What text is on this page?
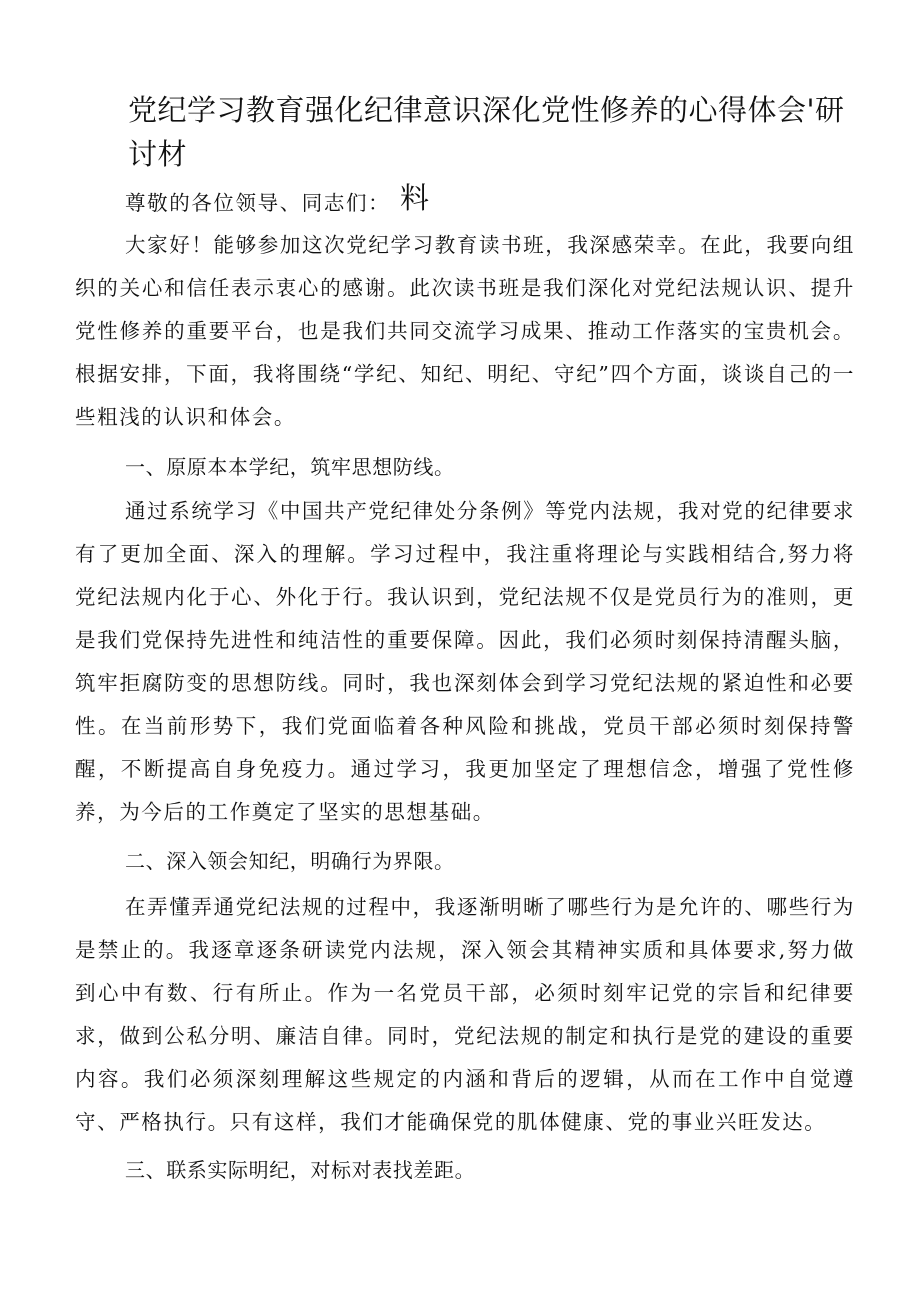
党纪学习教育强化纪律意识深化党性修养的心得体会'研讨材
料

尊敬的各位领导、同志们：

大家好！能够参加这次党纪学习教育读书班，我深感荣幸。在此，我要向组织的关心和信任表示衷心的感谢。此次读书班是我们深化对党纪法规认识、提升党性修养的重要平台，也是我们共同交流学习成果、推动工作落实的宝贵机会。根据安排，下面，我将围绕“学纪、知纪、明纪、守纪”四个方面，谈谈自己的一些粗浅的认识和体会。

一、原原本本学纪，筑牢思想防线。

通过系统学习《中国共产党纪律处分条例》等党内法规，我对党的纪律要求有了更加全面、深入的理解。学习过程中，我注重将理论与实践相结合,努力将党纪法规内化于心、外化于行。我认识到，党纪法规不仅是党员行为的准则，更是我们党保持先进性和纯洁性的重要保障。因此，我们必须时刻保持清醒头脑，筑牢拒腐防变的思想防线。同时，我也深刻体会到学习党纪法规的紧迫性和必要性。在当前形势下，我们党面临着各种风险和挑战，党员干部必须时刻保持警醒，不断提高自身免疫力。通过学习，我更加坚定了理想信念，增强了党性修养，为今后的工作奠定了坚实的思想基础。

二、深入领会知纪，明确行为界限。

在弄懂弄通党纪法规的过程中，我逐渐明晰了哪些行为是允许的、哪些行为是禁止的。我逐章逐条研读党内法规，深入领会其精神实质和具体要求,努力做到心中有数、行有所止。作为一名党员干部，必须时刻牢记党的宗旨和纪律要求，做到公私分明、廉洁自律。同时，党纪法规的制定和执行是党的建设的重要内容。我们必须深刻理解这些规定的内涵和背后的逻辑，从而在工作中自觉遵守、严格执行。只有这样，我们才能确保党的肌体健康、党的事业兴旺发达。

三、联系实际明纪，对标对表找差距。
